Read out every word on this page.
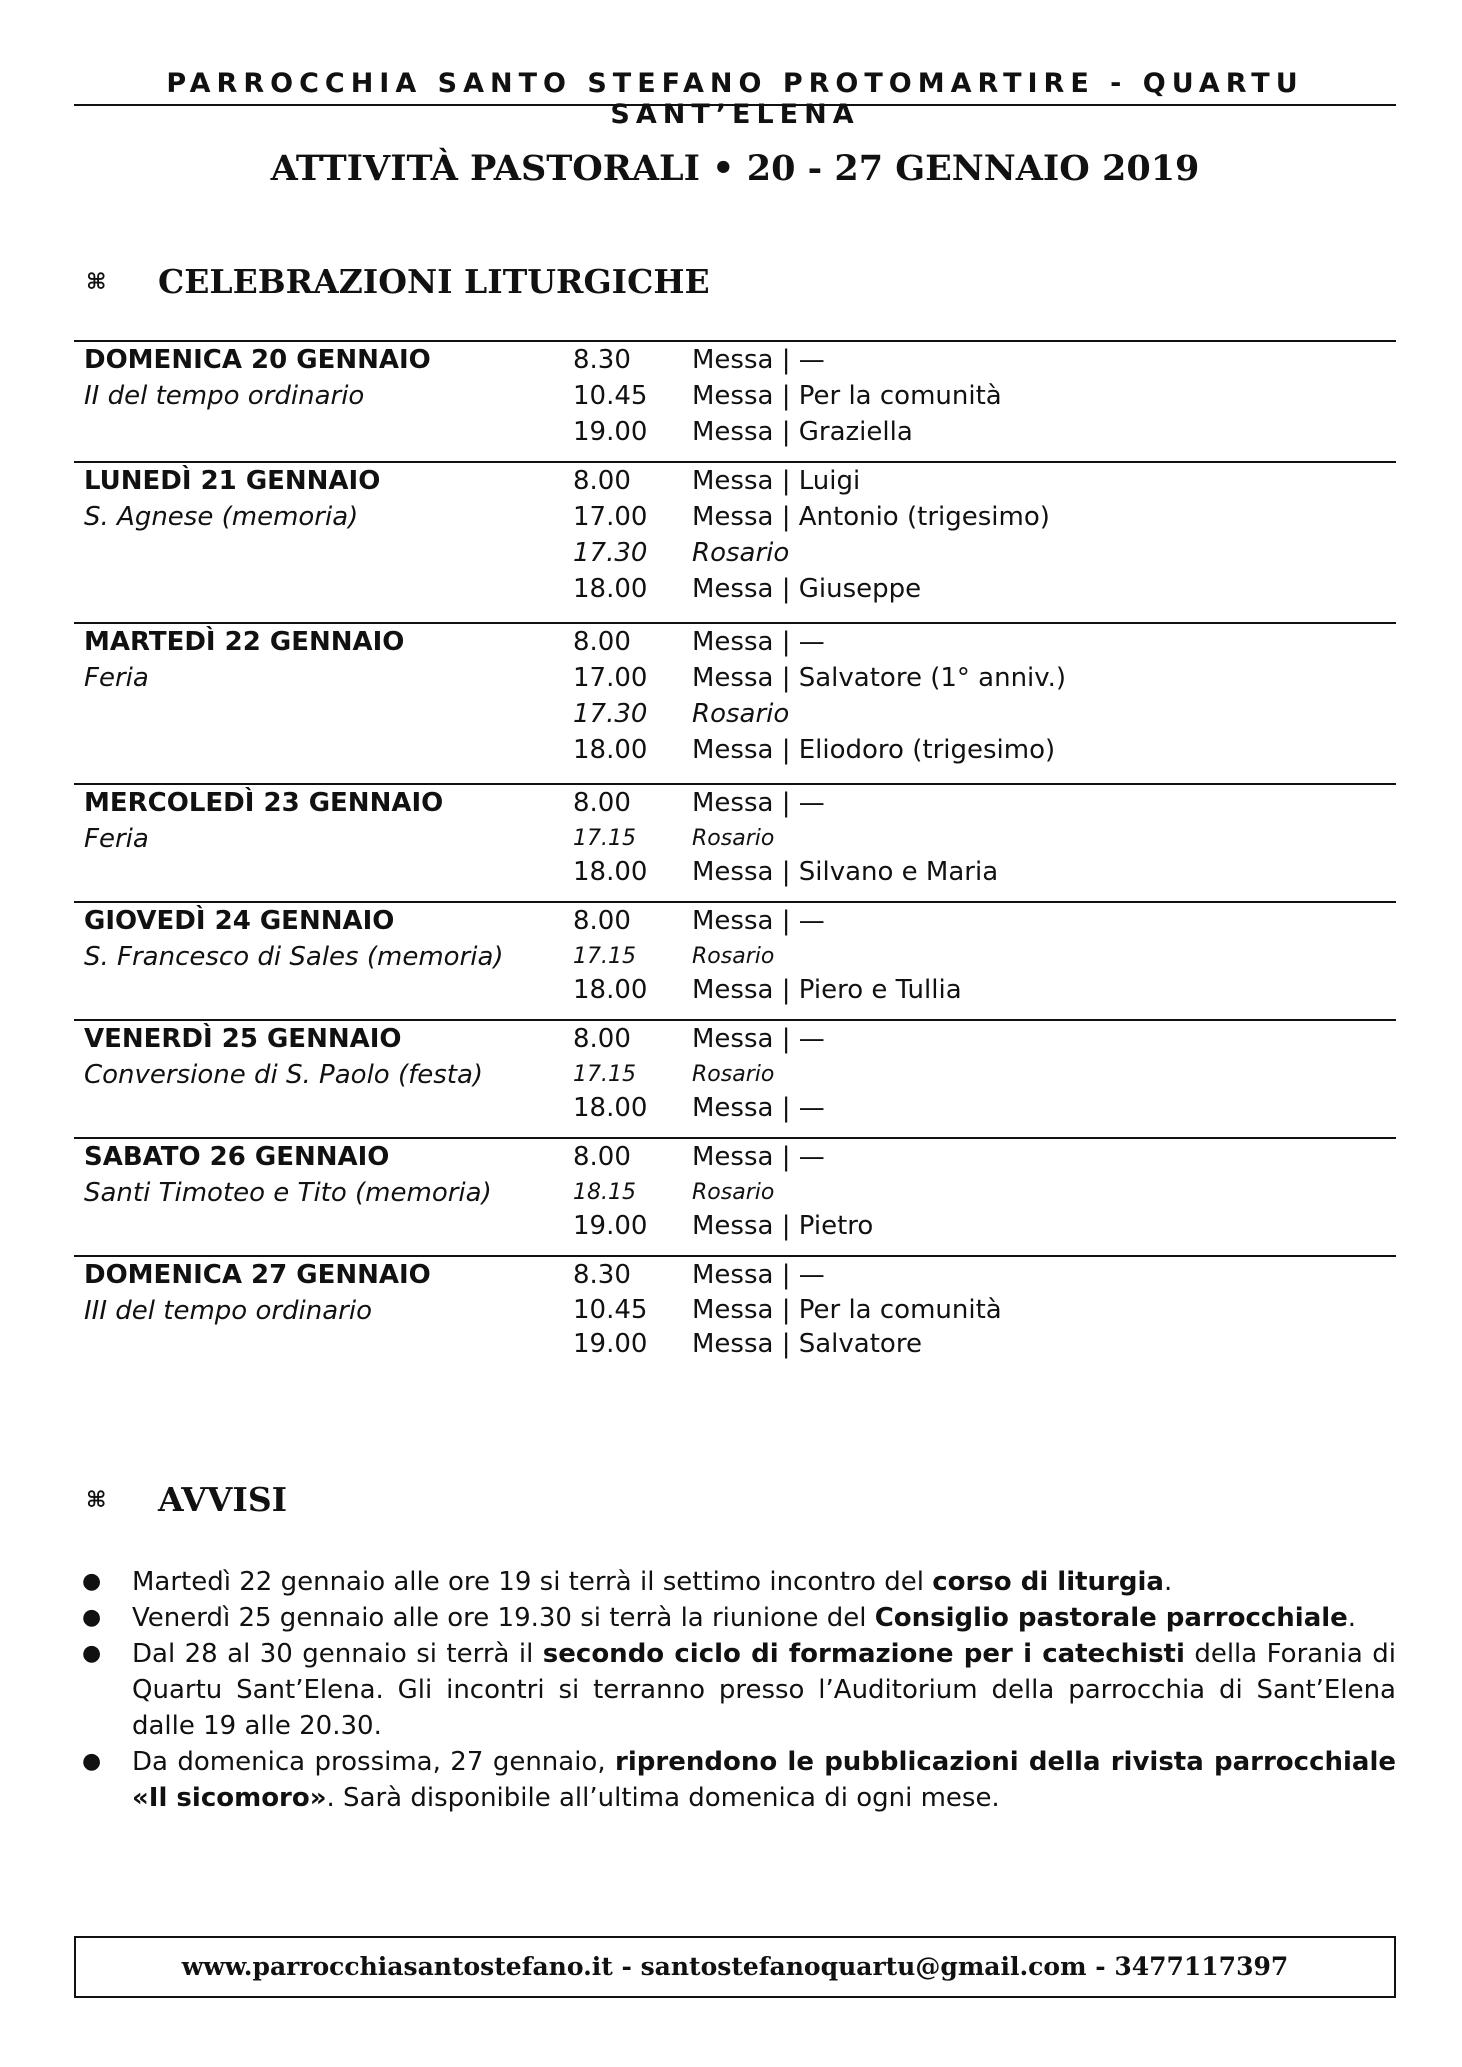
PARROCCHIA SANTO STEFANO PROTOMARTIRE - QUARTU SANT’ELENA
ATTIVITÀ PASTORALI • 20 - 27 GENNAIO 2019
⌘ CELEBRAZIONI LITURGICHE
DOMENICA 20 GENNAIO
II del tempo ordinario
8.30 Messa | —
10.45 Messa | Per la comunità
19.00 Messa | Graziella
LUNEDÌ 21 GENNAIO
S. Agnese (memoria)
8.00 Messa | Luigi
17.00 Messa | Antonio (trigesimo)
17.30 Rosario
18.00 Messa | Giuseppe
MARTEDÌ 22 GENNAIO
Feria
8.00 Messa | —
17.00 Messa | Salvatore (1° anniv.)
17.30 Rosario
18.00 Messa | Eliodoro (trigesimo)
MERCOLEDÌ 23 GENNAIO
Feria
8.00 Messa | —
17.15	Rosario
18.00 Messa | Silvano e Maria
GIOVEDÌ 24 GENNAIO
S. Francesco di Sales (memoria)
8.00 Messa | —
17.15	Rosario
18.00 Messa | Piero e Tullia
VENERDÌ 25 GENNAIO
Conversione di S. Paolo (festa)
8.00 Messa | —
17.15	Rosario
18.00 Messa | —
SABATO 26 GENNAIO
Santi Timoteo e Tito (memoria)
8.00 Messa | —
18.15	Rosario
19.00 Messa | Pietro
DOMENICA 27 GENNAIO
III del tempo ordinario
8.30 Messa | —
10.45 Messa | Per la comunità
19.00 Messa | Salvatore
⌘ AVVISI
● Martedì 22 gennaio alle ore 19 si terrà il settimo incontro del corso di liturgia.
● Venerdì 25 gennaio alle ore 19.30 si terrà la riunione del Consiglio pastorale parrocchiale.
● Dal 28 al 30 gennaio si terrà il secondo ciclo di formazione per i catechisti della Forania di Quartu Sant’Elena. Gli incontri si terranno presso l’Auditorium della parrocchia di Sant’Elena dalle 19 alle 20.30.
● Da domenica prossima, 27 gennaio, riprendono le pubblicazioni della rivista parrocchiale «Il sicomoro». Sarà disponibile all’ultima domenica di ogni mese.
www.parrocchiasantostefano.it - santostefanoquartu@gmail.com - 3477117397
